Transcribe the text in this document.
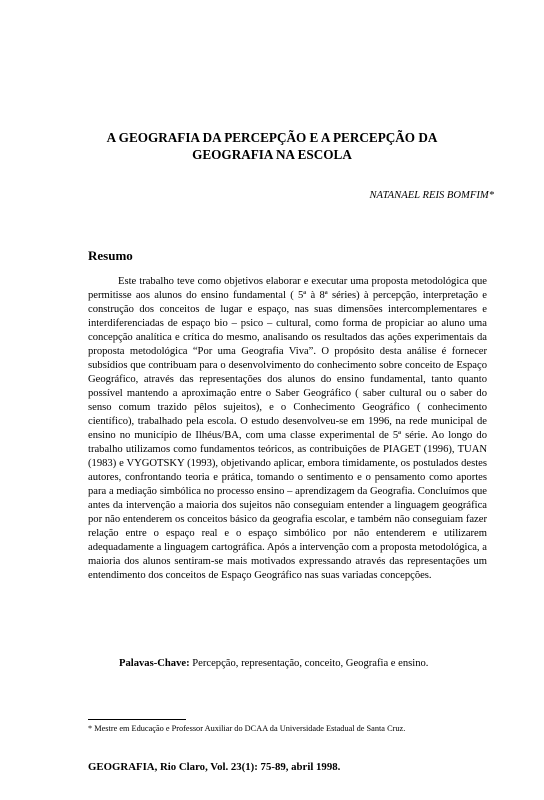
A GEOGRAFIA DA PERCEPÇÃO E A PERCEPÇÃO DA
GEOGRAFIA NA ESCOLA
NATANAEL REIS BOMFIM*
Resumo

Este trabalho teve como objetivos elaborar e executar uma proposta metodológica que permitisse aos alunos do ensino fundamental ( 5ª à 8ª séries) à percepção, interpretação e construção dos conceitos de lugar e espaço, nas suas dimensões intercomplementares e interdiferenciadas de espaço bio – psico – cultural, como forma de propiciar ao aluno uma concepção analítica e crítica do mesmo, analisando os resultados das ações experimentais da proposta metodológica “Por uma Geografia Viva”. O propósito desta análise é fornecer subsídios que contribuam para o desenvolvimento do conhecimento sobre conceito de Espaço Geográfico, através das representações dos alunos do ensino fundamental, tanto quanto possível mantendo a aproximação entre o Saber Geográfico ( saber cultural ou o saber do senso comum trazido pêlos sujeitos), e o Conhecimento Geográfico ( conhecimento científico), trabalhado pela escola. O estudo desenvolveu-se em 1996, na rede municipal de ensino no município de Ilhéus/BA, com uma classe experimental de 5ª série. Ao longo do trabalho utilizamos como fundamentos teóricos, as contribuições de PIAGET (1996), TUAN (1983) e VYGOTSKY (1993), objetivando aplicar, embora timidamente, os postulados destes autores, confrontando teoria e prática, tomando o sentimento e o pensamento como aportes para a mediação simbólica no processo ensino – aprendizagem da Geografia. Concluímos que antes da intervenção a maioria dos sujeitos não conseguiam entender a linguagem geográfica por não entenderem os conceitos básico da geografia escolar, e também não conseguiam fazer relação entre o espaço real e o espaço simbólico por não entenderem e utilizarem adequadamente a linguagem cartográfica. Após a intervenção com a proposta metodológica, a maioria dos alunos sentiram-se mais motivados expressando através das representações um entendimento dos conceitos de Espaço Geográfico nas suas variadas concepções.

Palavas-Chave: Percepção, representação, conceito, Geografia e ensino.
* Mestre em Educação e Professor Auxiliar do DCAA da Universidade Estadual de Santa Cruz.
GEOGRAFIA, Rio Claro, Vol. 23(1): 75-89, abril 1998.
